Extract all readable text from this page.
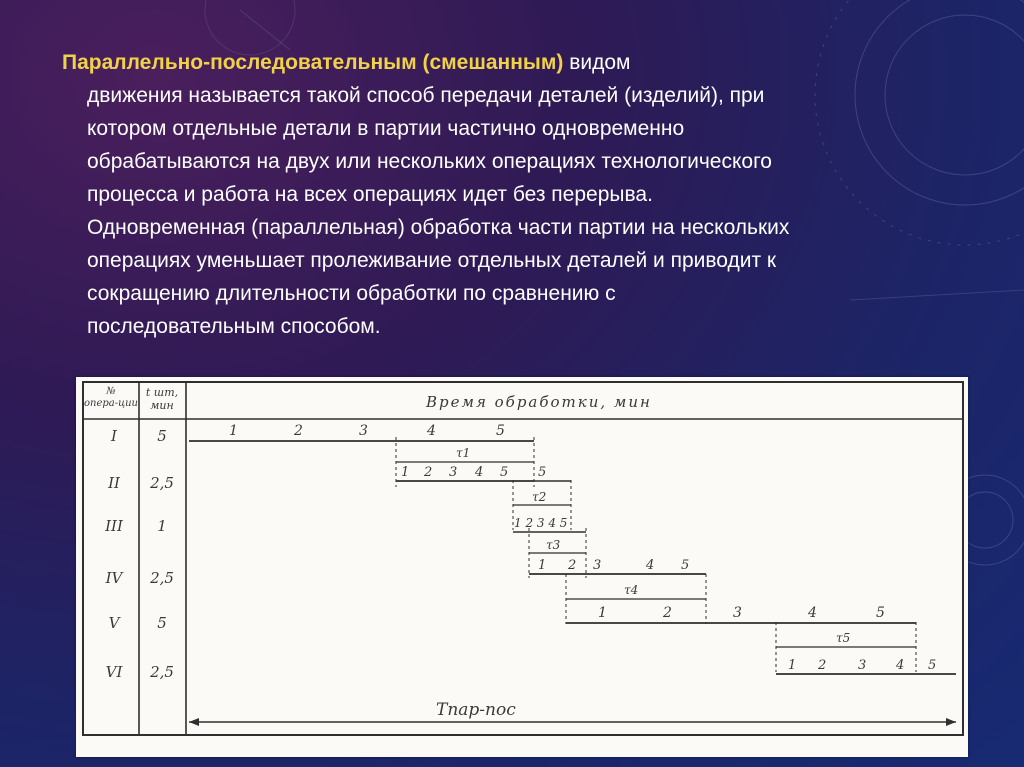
Параллельно-последовательным (смешанным) видом

движения называется такой способ передачи деталей (изделий), при

котором отдельные детали в партии частично одновременно

обрабатываются на двух или нескольких операциях технологического

процесса и работа на всех операциях идет без перерыва.

Одновременная (параллельная) обработка части партии на нескольких

операциях уменьшает пролеживание отдельных деталей и приводит к

сокращению длительности обработки по сравнению с

последовательным способом.

№
опера-ции
t шт,
мин	Время обработки, мин
I	5
II 2,5
III 1
IV 2,5
V	5
VI 2,5
1	2	3	4	5
1 2 3 4 5 5
1 2 3 4 5
1 2 3	4 5
1	2	3	4	5
1 2 3 4 5
τ1
τ2
τ3
τ4
τ5
Tпар-пос
